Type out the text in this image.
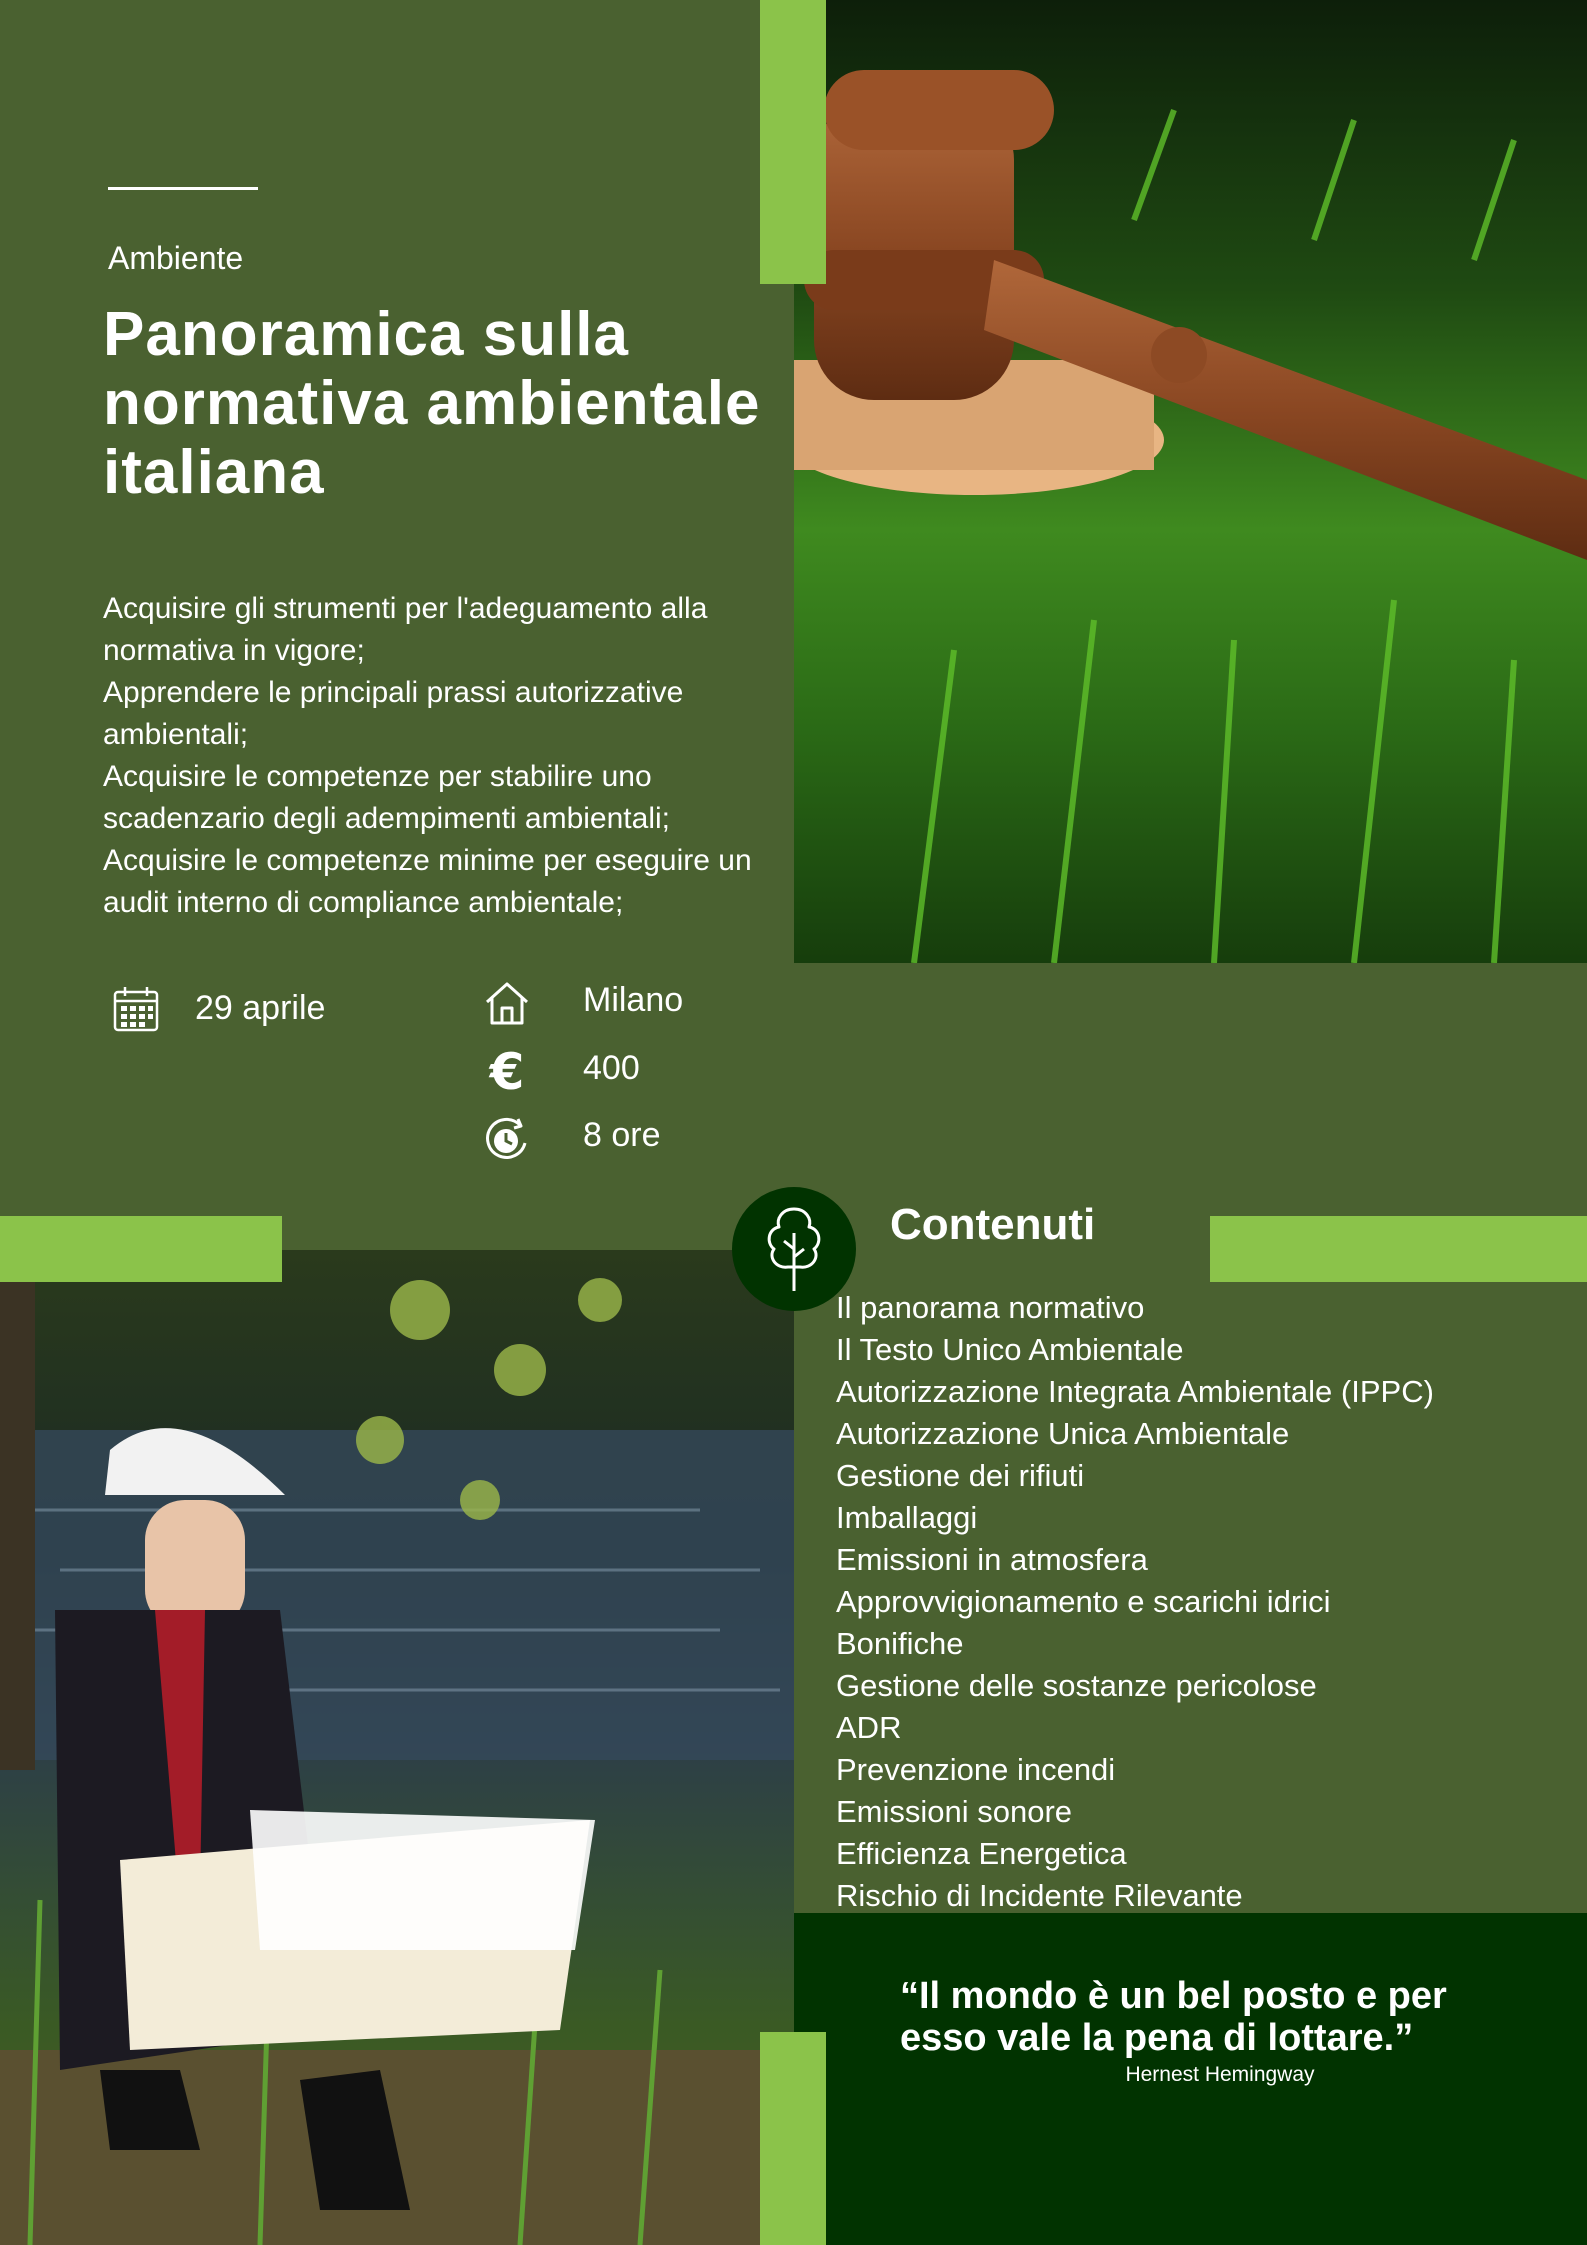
Ambiente
Panoramica sulla normativa ambientale italiana
Acquisire gli strumenti per l'adeguamento alla normativa in vigore;
Apprendere le principali prassi autorizzative ambientali;
Acquisire le competenze per stabilire uno scadenzario degli adempimenti ambientali;
Acquisire le competenze minime per eseguire un audit interno di compliance ambientale;
29 aprile	Milano
€ 400
8 ore
Contenuti
Il panorama normativo
Il Testo Unico Ambientale
Autorizzazione Integrata Ambientale (IPPC)
Autorizzazione Unica Ambientale
Gestione dei rifiuti
Imballaggi
Emissioni in atmosfera
Approvvigionamento e scarichi idrici
Bonifiche
Gestione delle sostanze pericolose
ADR
Prevenzione incendi
Emissioni sonore
Efficienza Energetica
Rischio di Incidente Rilevante
“Il mondo è un bel posto e per esso vale la pena di lottare.”
Hernest Hemingway
